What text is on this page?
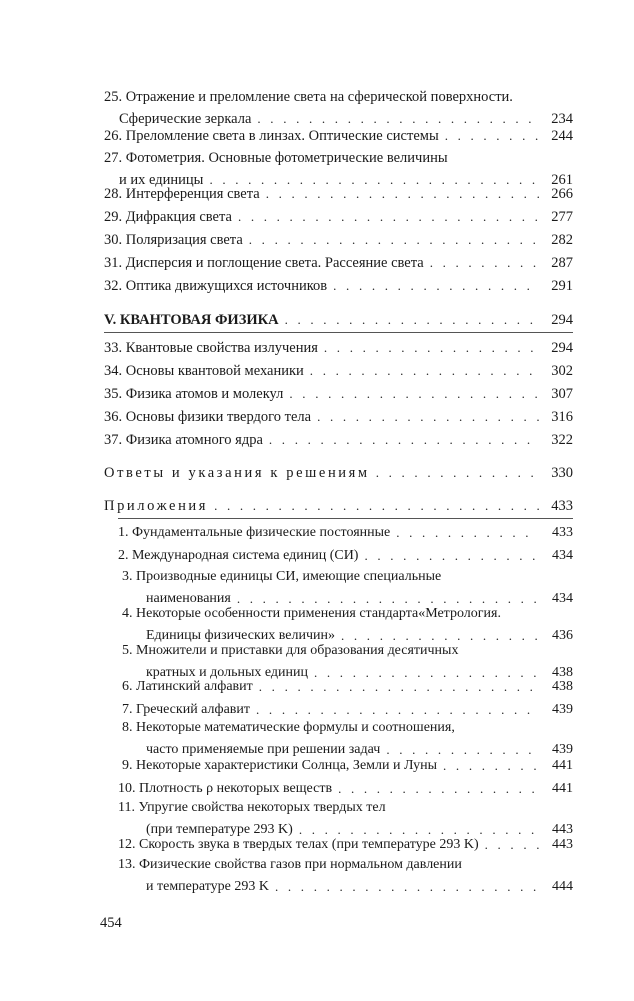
25. Отражение и преломление света на сферической поверхности.
Сферические зеркала . . .	234
26. Преломление света в линзах. Оптические системы . . .	244
27. Фотометрия. Основные фотометрические величины
и их единицы . . .	261
28. Интерференция света . . .	266
29. Дифракция света . . .	277
30. Поляризация света . . .	282
31. Дисперсия и поглощение света. Рассеяние света . . .	287
32. Оптика движущихся источников . . .	291
V. КВАНТОВАЯ ФИЗИКА . . .	294
33. Квантовые свойства излучения . . .	294
34. Основы квантовой механики . . .	302
35. Физика атомов и молекул . . .	307
36. Основы физики твердого тела . . .	316
37. Физика атомного ядра . . .	322
Ответы и указания к решениям . . .	330
Приложения . . .	433
1. Фундаментальные физические постоянные . . .	433
2. Международная система единиц (СИ) . . .	434
3. Производные единицы СИ, имеющие специальные
наименования . . .	434
4. Некоторые особенности применения стандарта«Метрология.
Единицы физических величин» . . .	436
5. Множители и приставки для образования десятичных
кратных и дольных единиц . . .	438
6. Латинский алфавит . . .	438
7. Греческий алфавит . . .	439
8. Некоторые математические формулы и соотношения,
часто применяемые при решении задач . . .	439
9. Некоторые характеристики Солнца, Земли и Луны . . .	441
10. Плотность ρ некоторых веществ . . .	441
11. Упругие свойства некоторых твердых тел
(при температуре 293 K) . . .	443
12. Скорость звука в твердых телах (при температуре 293 K) . . .	443
13. Физические свойства газов при нормальном давлении
и температуре 293 K . . .	444
454
